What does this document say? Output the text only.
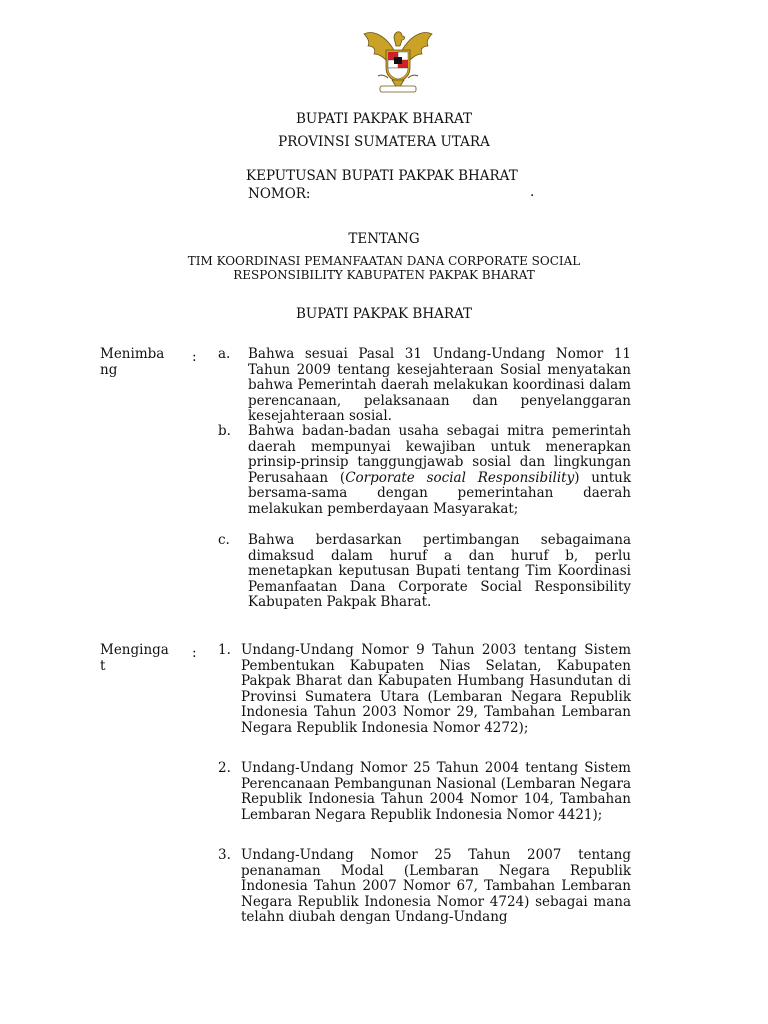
BUPATI PAKPAK BHARAT
PROVINSI SUMATERA UTARA
KEPUTUSAN BUPATI PAKPAK BHARAT
NOMOR:	.
TENTANG
TIM KOORDINASI PEMANFAATAN DANA CORPORATE SOCIAL
RESPONSIBILITY KABUPATEN PAKPAK BHARAT
BUPATI PAKPAK BHARAT
Menimbang
: a. Bahwa sesuai Pasal 31 Undang-Undang Nomor 11 Tahun 2009 tentang kesejahteraan Sosial menyatakan bahwa Pemerintah daerah melakukan koordinasi dalam perencanaan, pelaksanaan dan penyelanggaran kesejahteraan sosial.
b. Bahwa badan-badan usaha sebagai mitra pemerintah daerah mempunyai kewajiban untuk menerapkan prinsip-prinsip tanggungjawab sosial dan lingkungan Perusahaan (Corporate social Responsibility) untuk bersama-sama dengan pemerintahan daerah melakukan pemberdayaan Masyarakat;
c. Bahwa berdasarkan pertimbangan sebagaimana dimaksud dalam huruf a dan huruf b, perlu menetapkan keputusan Bupati tentang Tim Koordinasi Pemanfaatan Dana Corporate Social Responsibility Kabupaten Pakpak Bharat.
Mengingat
: 1. Undang-Undang Nomor 9 Tahun 2003 tentang Sistem Pembentukan Kabupaten Nias Selatan, Kabupaten Pakpak Bharat dan Kabupaten Humbang Hasundutan di Provinsi Sumatera Utara (Lembaran Negara Republik Indonesia Tahun 2003 Nomor 29, Tambahan Lembaran Negara Republik Indonesia Nomor 4272);
2. Undang-Undang Nomor 25 Tahun 2004 tentang Sistem Perencanaan Pembangunan Nasional (Lembaran Negara Republik Indonesia Tahun 2004 Nomor 104, Tambahan Lembaran Negara Republik Indonesia Nomor 4421);
3. Undang-Undang Nomor 25 Tahun 2007 tentang penanaman Modal (Lembaran Negara Republik Indonesia Tahun 2007 Nomor 67, Tambahan Lembaran Negara Republik Indonesia Nomor 4724) sebagai mana telahn diubah dengan Undang-Undang
